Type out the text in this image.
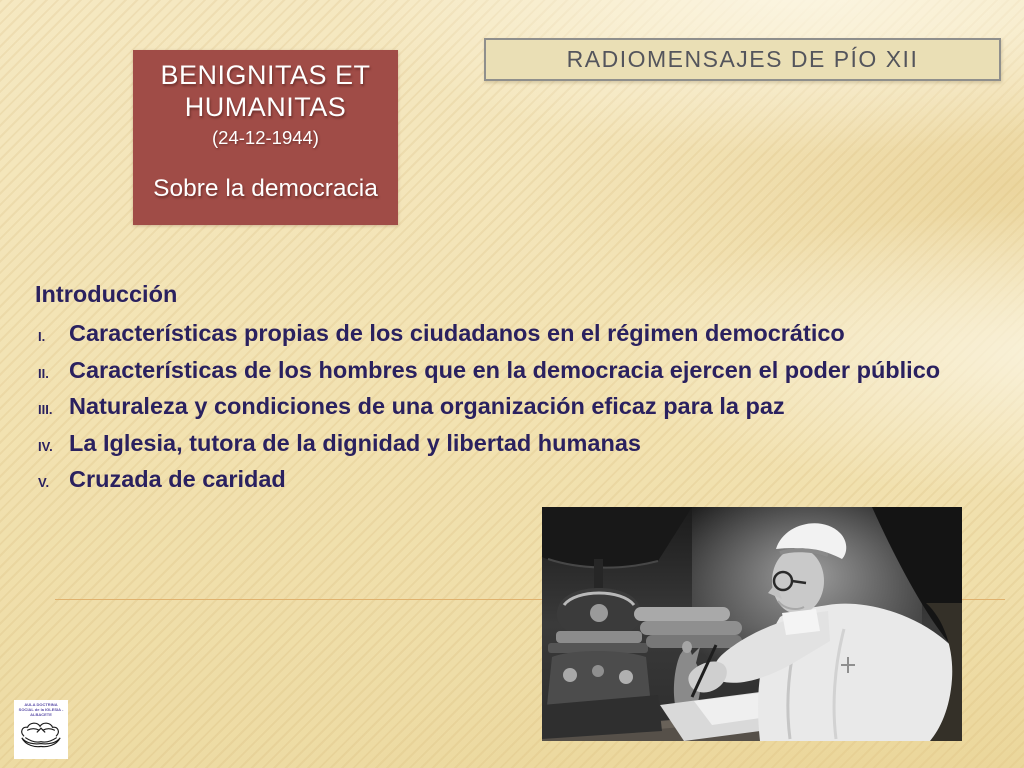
BENIGNITAS ET HUMANITAS
(24-12-1944)
Sobre la democracia
RADIOMENSAJES DE PÍO XII
Introducción
I.	Características propias de los ciudadanos en el régimen democrático
II. Características de los hombres que en la democracia ejercen el poder público
III. Naturaleza y condiciones de una organización eficaz para la paz
IV. La Iglesia, tutora de la dignidad y libertad humanas
V. Cruzada de caridad
AULA DOCTRINA
SOCIAL de la IGLESIA -
ALBACETE
